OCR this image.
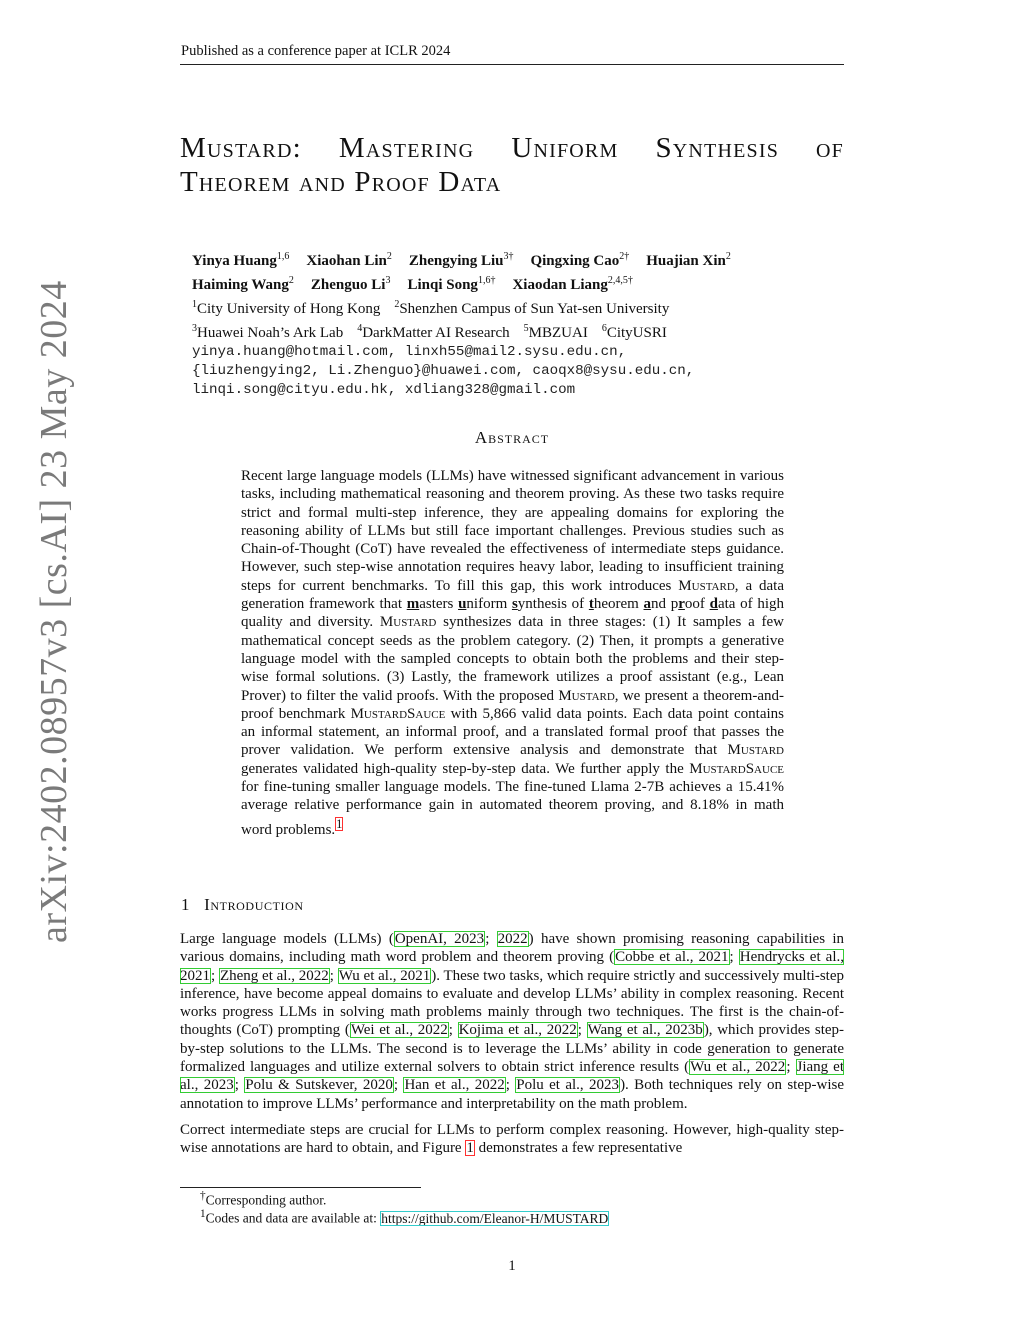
Published as a conference paper at ICLR 2024
arXiv:2402.08957v3 [cs.AI] 23 May 2024
Mustard: Mastering Uniform Synthesis of
Theorem and Proof Data
Yinya Huang$^{1,6}$ Xiaohan Lin$^2$ Zhengying Liu$^{3\dagger}$ Qingxing Cao$^{2\dagger}$ Huajian Xin$^2$
Haiming Wang$^2$ Zhenguo Li$^3$ Linqi Song$^{1,6\dagger}$ Xiaodan Liang$^{2,4,5\dagger}$
$^1$City University of Hong Kong $^2$Shenzhen Campus of Sun Yat-sen University
$^3$Huawei Noah’s Ark Lab $^4$DarkMatter AI Research $^5$MBZUAI $^6$CityUSRI
yinya.huang@hotmail.com, linxh55@mail2.sysu.edu.cn,
{liuzhengying2, Li.Zhenguo}@huawei.com, caoqx8@sysu.edu.cn,
linqi.song@cityu.edu.hk, xdliang328@gmail.com
Abstract
Recent large language models (LLMs) have witnessed significant advancement in various tasks, including mathematical reasoning and theorem proving. As these two tasks require strict and formal multi-step inference, they are appealing domains for exploring the reasoning ability of LLMs but still face important challenges. Previous studies such as Chain-of-Thought (CoT) have revealed the effectiveness of intermediate steps guidance. However, such step-wise annotation requires heavy labor, leading to insufficient training steps for current benchmarks. To fill this gap, this work introduces Mustard, a data generation framework that masters uniform synthesis of theorem and proof data of high quality and diversity. Mustard synthesizes data in three stages: (1) It samples a few mathematical concept seeds as the problem category. (2) Then, it prompts a generative language model with the sampled concepts to obtain both the problems and their step-wise formal solutions. (3) Lastly, the framework utilizes a proof assistant (e.g., Lean Prover) to filter the valid proofs. With the proposed Mustard, we present a theorem-and-proof benchmark MustardSauce with 5,866 valid data points. Each data point contains an informal statement, an informal proof, and a translated formal proof that passes the prover validation. We perform extensive analysis and demonstrate that Mustard generates validated high-quality step-by-step data. We further apply the MustardSauce for fine-tuning smaller language models. The fine-tuned Llama 2-7B achieves a 15.41% average relative performance gain in automated theorem proving, and 8.18% in math word problems.$^1$
1 Introduction

Large language models (LLMs) (OpenAI, 2023; 2022) have shown promising reasoning capabilities in various domains, including math word problem and theorem proving (Cobbe et al., 2021; Hendrycks et al., 2021; Zheng et al., 2022; Wu et al., 2021). These two tasks, which require strictly and successively multi-step inference, have become appeal domains to evaluate and develop LLMs’ ability in complex reasoning. Recent works progress LLMs in solving math problems mainly through two techniques. The first is the chain-of-thoughts (CoT) prompting (Wei et al., 2022; Kojima et al., 2022; Wang et al., 2023b), which provides step-by-step solutions to the LLMs. The second is to leverage the LLMs’ ability in code generation to generate formalized languages and utilize external solvers to obtain strict inference results (Wu et al., 2022; Jiang et al., 2023; Polu & Sutskever, 2020; Han et al., 2022; Polu et al., 2023). Both techniques rely on step-wise annotation to improve LLMs’ performance and interpretability on the math problem.

Correct intermediate steps are crucial for LLMs to perform complex reasoning. However, high-quality step-wise annotations are hard to obtain, and Figure 1 demonstrates a few representative

†Corresponding author.
$^1$Codes and data are available at: https://github.com/Eleanor-H/MUSTARD
1
